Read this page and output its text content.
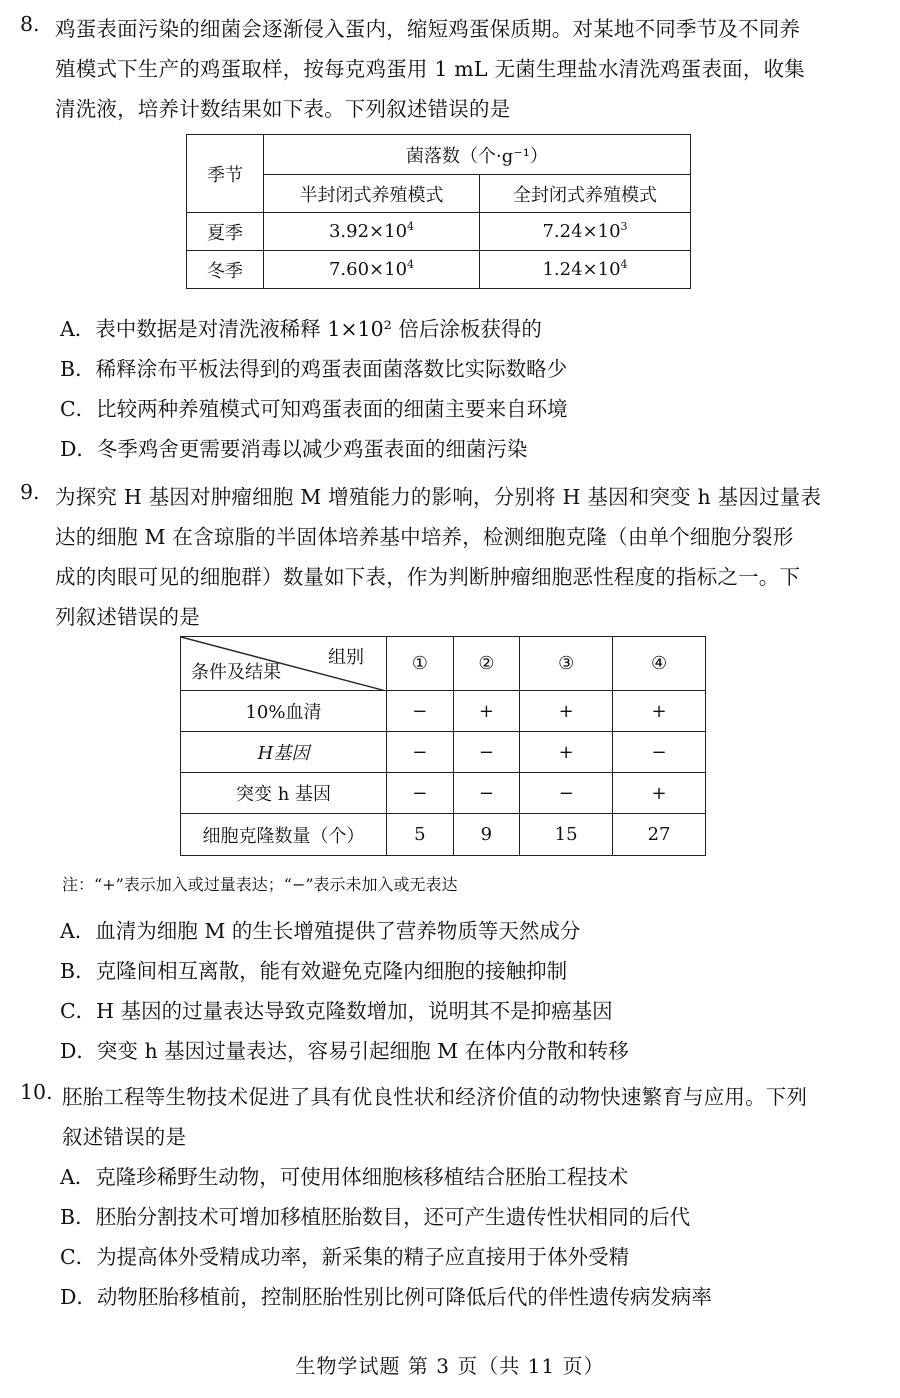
8. 鸡蛋表面污染的细菌会逐渐侵入蛋内，缩短鸡蛋保质期。对某地不同季节及不同养
殖模式下生产的鸡蛋取样，按每克鸡蛋用 1 mL 无菌生理盐水清洗鸡蛋表面，收集
清洗液，培养计数结果如下表。下列叙述错误的是
季节	菌落数（个·g⁻¹）	
	半封闭式养殖模式	全封闭式养殖模式
夏季	$3.92\times 10^4$	$7.24\times 10^3$
冬季	$7.60\times 10^4$	$1.24\times 10^4$
A．表中数据是对清洗液稀释 1×10² 倍后涂板获得的
B．稀释涂布平板法得到的鸡蛋表面菌落数比实际数略少
C．比较两种养殖模式可知鸡蛋表面的细菌主要来自环境
D．冬季鸡舍更需要消毒以减少鸡蛋表面的细菌污染
9. 为探究 H 基因对肿瘤细胞 M 增殖能力的影响，分别将 H 基因和突变 h 基因过量表
达的细胞 M 在含琼脂的半固体培养基中培养，检测细胞克隆（由单个细胞分裂形
成的肉眼可见的细胞群）数量如下表，作为判断肿瘤细胞恶性程度的指标之一。下
列叙述错误的是
组别
条件及结果	①	②	③	④
10%血清	−	+	+	+
H基因	−	−	+	−
突变 h 基因	−	−	−	+
细胞克隆数量（个）	5	9	15	27
注：“+”表示加入或过量表达；“−”表示未加入或无表达
A．血清为细胞 M 的生长增殖提供了营养物质等天然成分
B．克隆间相互离散，能有效避免克隆内细胞的接触抑制
C．H 基因的过量表达导致克隆数增加，说明其不是抑癌基因
D．突变 h 基因过量表达，容易引起细胞 M 在体内分散和转移
10. 胚胎工程等生物技术促进了具有优良性状和经济价值的动物快速繁育与应用。下列
叙述错误的是
A．克隆珍稀野生动物，可使用体细胞核移植结合胚胎工程技术
B．胚胎分割技术可增加移植胚胎数目，还可产生遗传性状相同的后代
C．为提高体外受精成功率，新采集的精子应直接用于体外受精
D．动物胚胎移植前，控制胚胎性别比例可降低后代的伴性遗传病发病率
生物学试题 第 3 页（共 11 页）
